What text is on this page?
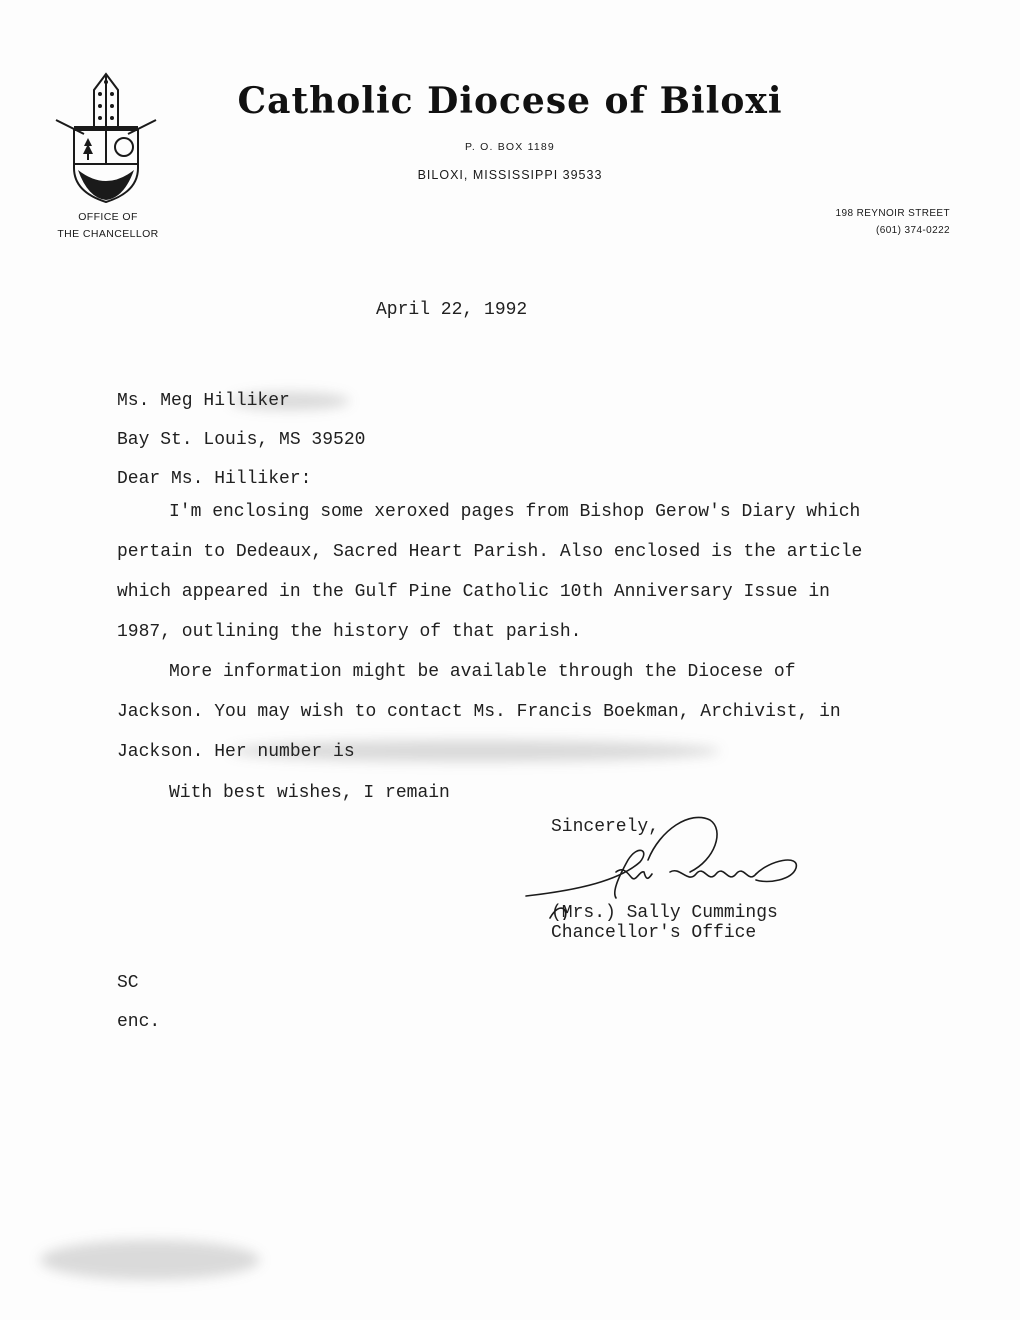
OFFICE OF
THE CHANCELLOR
Catholic Diocese of Biloxi
P. O. BOX 1189
BILOXI, MISSISSIPPI 39533
198 REYNOIR STREET
(601) 374-0222
April 22, 1992
Ms. Meg Hilliker
Bay St. Louis, MS 39520
Dear Ms. Hilliker:
I'm enclosing some xeroxed pages from Bishop Gerow's Diary which pertain to Dedeaux, Sacred Heart Parish. Also enclosed is the article which appeared in the Gulf Pine Catholic 10th Anniversary Issue in 1987, outlining the history of that parish.
More information might be available through the Diocese of Jackson. You may wish to contact Ms. Francis Boekman, Archivist, in Jackson. Her number is
With best wishes, I remain
Sincerely,
(Mrs.) Sally Cummings
Chancellor's Office
SC
enc.
